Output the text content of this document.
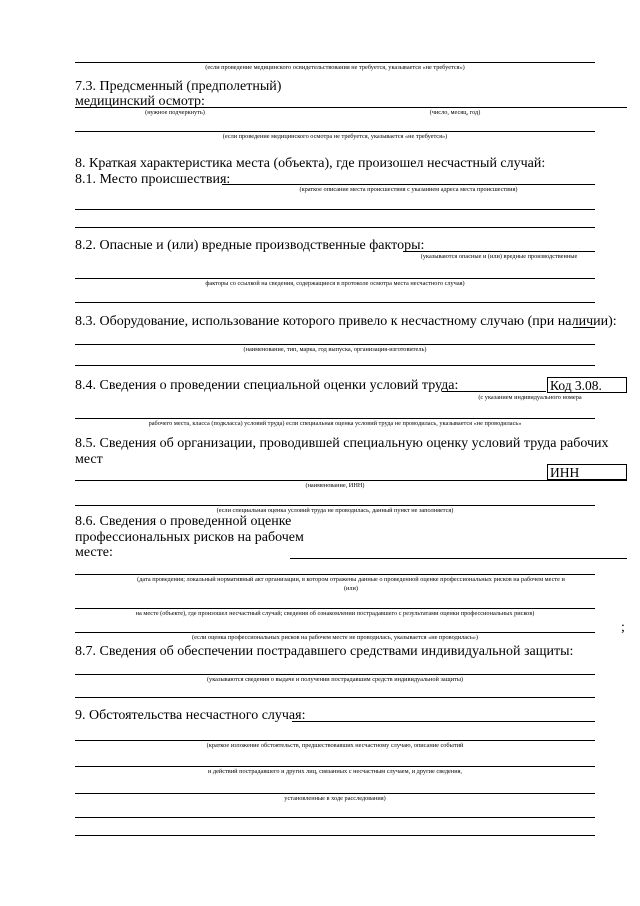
(если проведение медицинского освидетельствования не требуется, указывается «не требуется»)
7.3. Предсменный (предполетный)
медицинский осмотр:
(нужное подчеркнуть)	(число, месяц, год)
(если проведение медицинского осмотра не требуется, указывается «не требуется»)
8. Краткая характеристика места (объекта), где произошел несчастный случай:
8.1. Место происшествия:
(краткое описание места происшествия с указанием адреса места происшествия)
8.2. Опасные и (или) вредные производственные факторы:
(указываются опасные и (или) вредные производственные
факторы со ссылкой на сведения, содержащиеся в протоколе осмотра места несчастного случая)
8.3. Оборудование, использование которого привело к несчастному случаю (при наличии):
(наименование, тип, марка, год выпуска, организация-изготовитель)
8.4. Сведения о проведении специальной оценки условий труда:	Код 3.08.
(с указанием индивидуального номера
рабочего места, класса (подкласса) условий труда) если специальная оценка условий труда не проводилась, указывается «не проводилась»
8.5. Сведения об организации, проводившей специальную оценку условий труда рабочих
мест
ИНН
(наименование, ИНН)
(если специальная оценка условий труда не проводилась, данный пункт не заполняется)
8.6. Сведения о проведенной оценке
профессиональных рисков на рабочем
месте:
(дата проведения; локальный нормативный акт организации, в котором отражены данные о проведенной оценке профессиональных рисков на рабочем месте и
(или)
на месте (объекте), где произошел несчастный случай; сведения об ознакомлении пострадавшего с результатами оценки профессиональных рисков)
;
(если оценка профессиональных рисков на рабочем месте не проводилась, указывается «не проводилась»)
8.7. Сведения об обеспечении пострадавшего средствами индивидуальной защиты:
(указываются сведения о выдаче и получении пострадавшим средств индивидуальной защиты)
9. Обстоятельства несчастного случая:
(краткое изложение обстоятельств, предшествовавших несчастному случаю, описание событий
и действий пострадавшего и других лиц, связанных с несчастным случаем, и другие сведения,
установленные в ходе расследования)
